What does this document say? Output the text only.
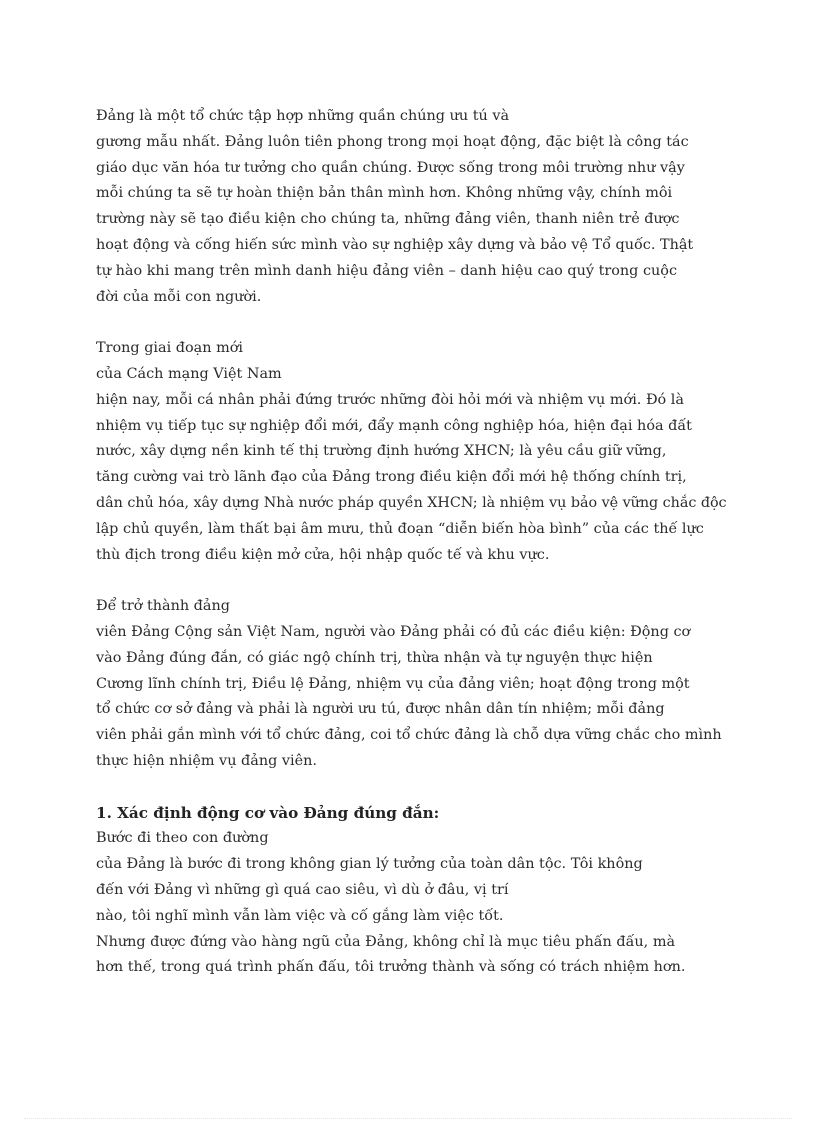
Đảng là một tổ chức tập hợp những quần chúng ưu tú và
gương mẫu nhất. Đảng luôn tiên phong trong mọi hoạt động, đặc biệt là công tác
giáo dục văn hóa tư tưởng cho quần chúng. Được sống trong môi trường như vậy
mỗi chúng ta sẽ tự hoàn thiện bản thân mình hơn. Không những vậy, chính môi
trường này sẽ tạo điều kiện cho chúng ta, những đảng viên, thanh niên trẻ được
hoạt động và cống hiến sức mình vào sự nghiệp xây dựng và bảo vệ Tổ quốc. Thật
tự hào khi mang trên mình danh hiệu đảng viên – danh hiệu cao quý trong cuộc
đời của mỗi con người.
Trong giai đoạn mới
của Cách mạng Việt Nam
hiện nay, mỗi cá nhân phải đứng trước những đòi hỏi mới và nhiệm vụ mới. Đó là
nhiệm vụ tiếp tục sự nghiệp đổi mới, đẩy mạnh công nghiệp hóa, hiện đại hóa đất
nước, xây dựng nền kinh tế thị trường định hướng XHCN; là yêu cầu giữ vững,
tăng cường vai trò lãnh đạo của Đảng trong điều kiện đổi mới hệ thống chính trị,
dân chủ hóa, xây dựng Nhà nước pháp quyền XHCN; là nhiệm vụ bảo vệ vững chắc độc
lập chủ quyền, làm thất bại âm mưu, thủ đoạn “diễn biến hòa bình” của các thế lực
thù địch trong điều kiện mở cửa, hội nhập quốc tế và khu vực.
Để trở thành đảng
viên Đảng Cộng sản Việt Nam, người vào Đảng phải có đủ các điều kiện: Động cơ
vào Đảng đúng đắn, có giác ngộ chính trị, thừa nhận và tự nguyện thực hiện
Cương lĩnh chính trị, Điều lệ Đảng, nhiệm vụ của đảng viên; hoạt động trong một
tổ chức cơ sở đảng và phải là người ưu tú, được nhân dân tín nhiệm; mỗi đảng
viên phải gắn mình với tổ chức đảng, coi tổ chức đảng là chỗ dựa vững chắc cho mình
thực hiện nhiệm vụ đảng viên.
1. Xác định động cơ vào Đảng đúng đắn:
Bước đi theo con đường
của Đảng là bước đi trong không gian lý tưởng của toàn dân tộc. Tôi không
đến với Đảng vì những gì quá cao siêu, vì dù ở đâu, vị trí
nào, tôi nghĩ mình vẫn làm việc và cố gắng làm việc tốt.
Nhưng được đứng vào hàng ngũ của Đảng, không chỉ là mục tiêu phấn đấu, mà
hơn thế, trong quá trình phấn đấu, tôi trưởng thành và sống có trách nhiệm hơn.
